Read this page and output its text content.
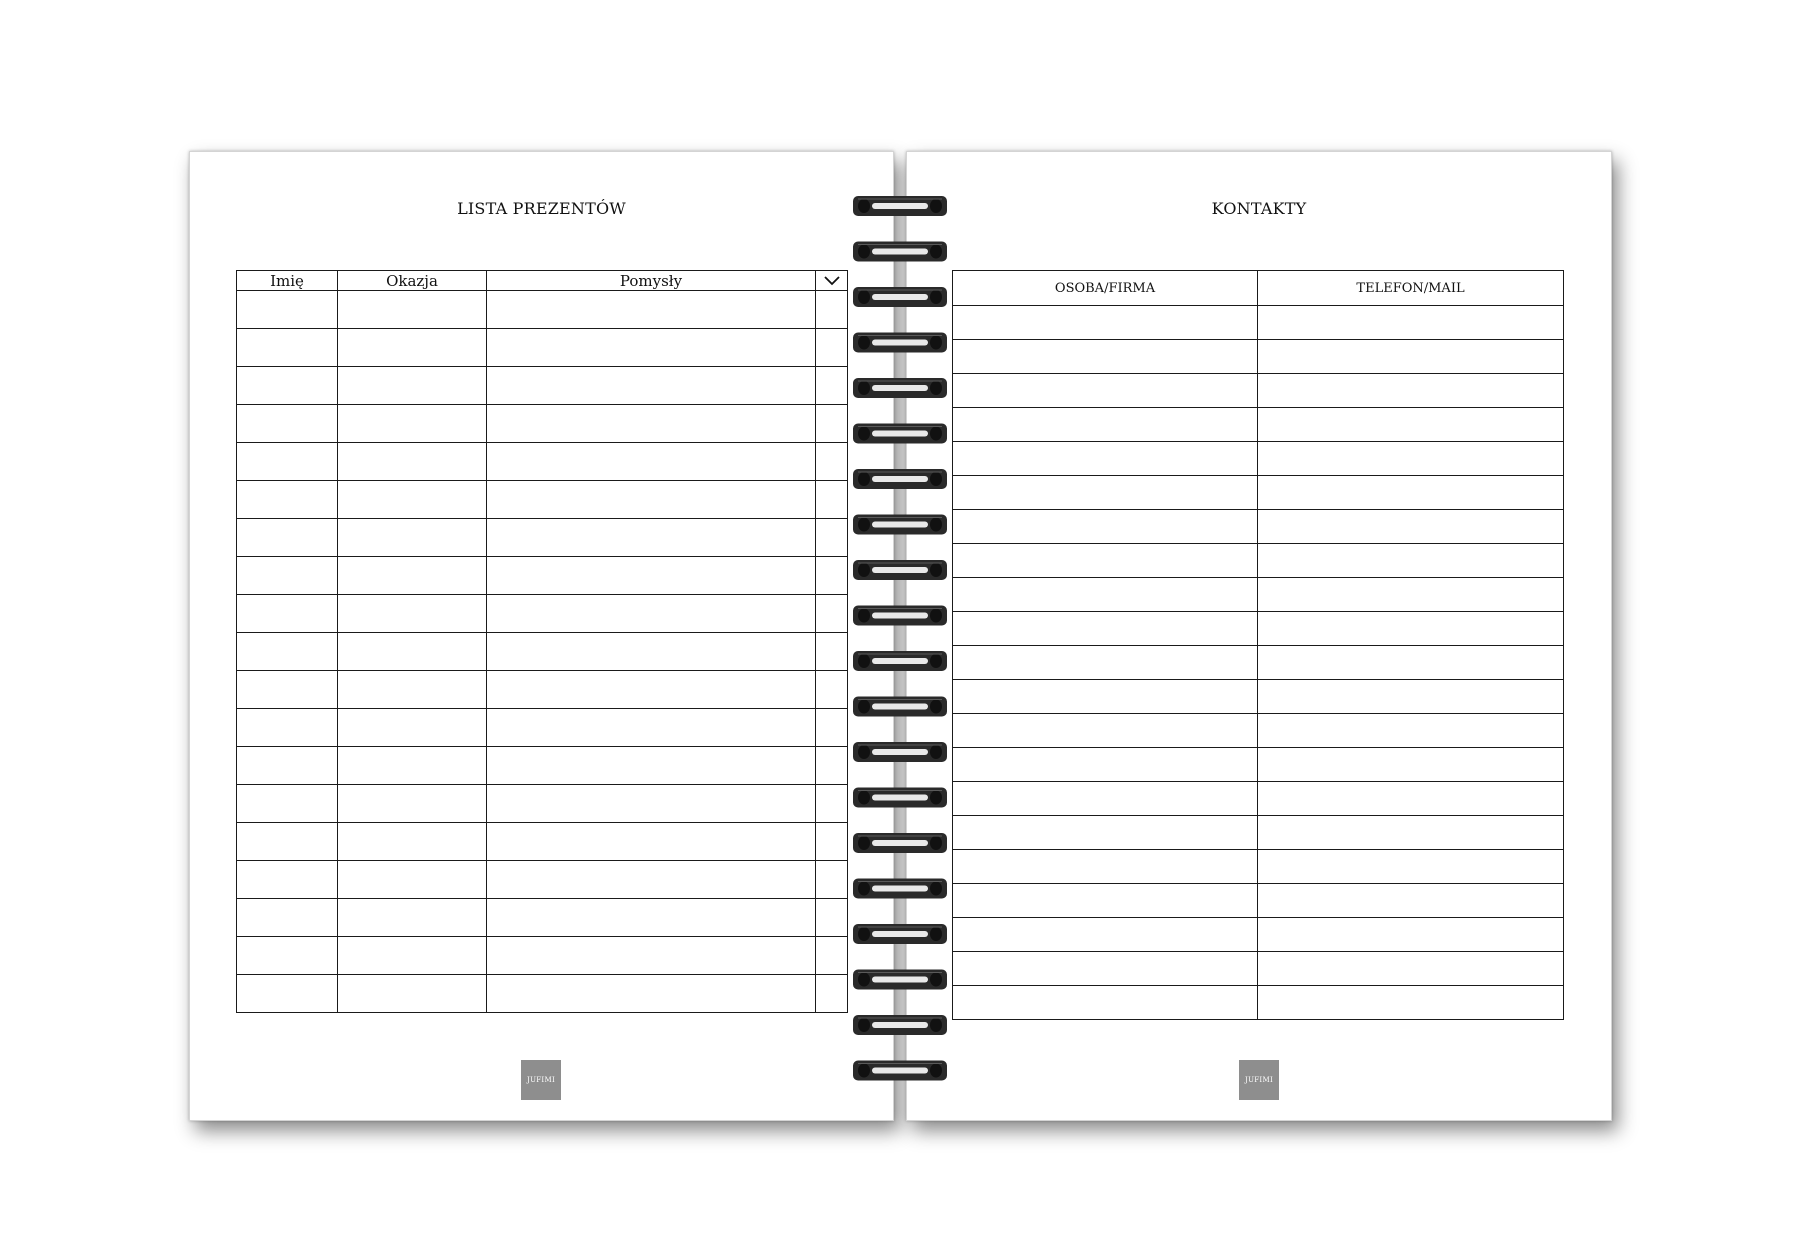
LISTA PREZENTÓW
Imię	Okazja	Pomysły	

JUFIMI
KONTAKTY
OSOBA/FIRMA	TELEFON/MAIL

JUFIMI
